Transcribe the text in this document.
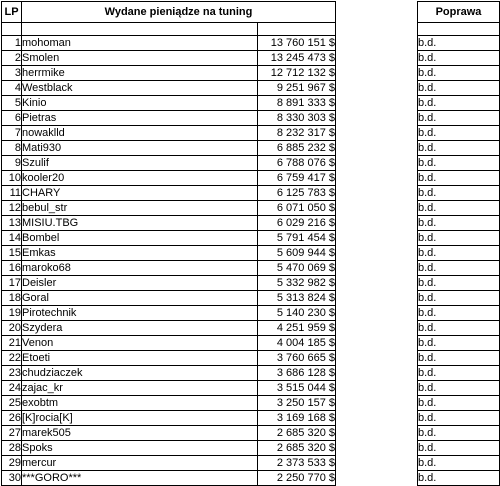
LP	Wydane pieniądze na tuning			Poprawa

1	mohoman	13 760 151 $		b.d.
2	Smolen	13 245 473 $		b.d.
3	herrmike	12 712 132 $		b.d.
4	Westblack	9 251 967 $		b.d.
5	Kinio	8 891 333 $		b.d.
6	Pietras	8 330 303 $		b.d.
7	nowaklld	8 232 317 $		b.d.
8	Mati930	6 885 232 $		b.d.
9	Szulif	6 788 076 $		b.d.
10	kooler20	6 759 417 $		b.d.
11	CHARY	6 125 783 $		b.d.
12	bebul_str	6 071 050 $		b.d.
13	MISIU.TBG	6 029 216 $		b.d.
14	Bombel	5 791 454 $		b.d.
15	Emkas	5 609 944 $		b.d.
16	maroko68	5 470 069 $		b.d.
17	Deisler	5 332 982 $		b.d.
18	Goral	5 313 824 $		b.d.
19	Pirotechnik	5 140 230 $		b.d.
20	Szydera	4 251 959 $		b.d.
21	Venon	4 004 185 $		b.d.
22	Etoeti	3 760 665 $		b.d.
23	chudziaczek	3 686 128 $		b.d.
24	zajac_kr	3 515 044 $		b.d.
25	exobtm	3 250 157 $		b.d.
26	[K]rocia[K]	3 169 168 $		b.d.
27	marek505	2 685 320 $		b.d.
28	Spoks	2 685 320 $		b.d.
29	mercur	2 373 533 $		b.d.
30	***GORO***	2 250 770 $		b.d.
